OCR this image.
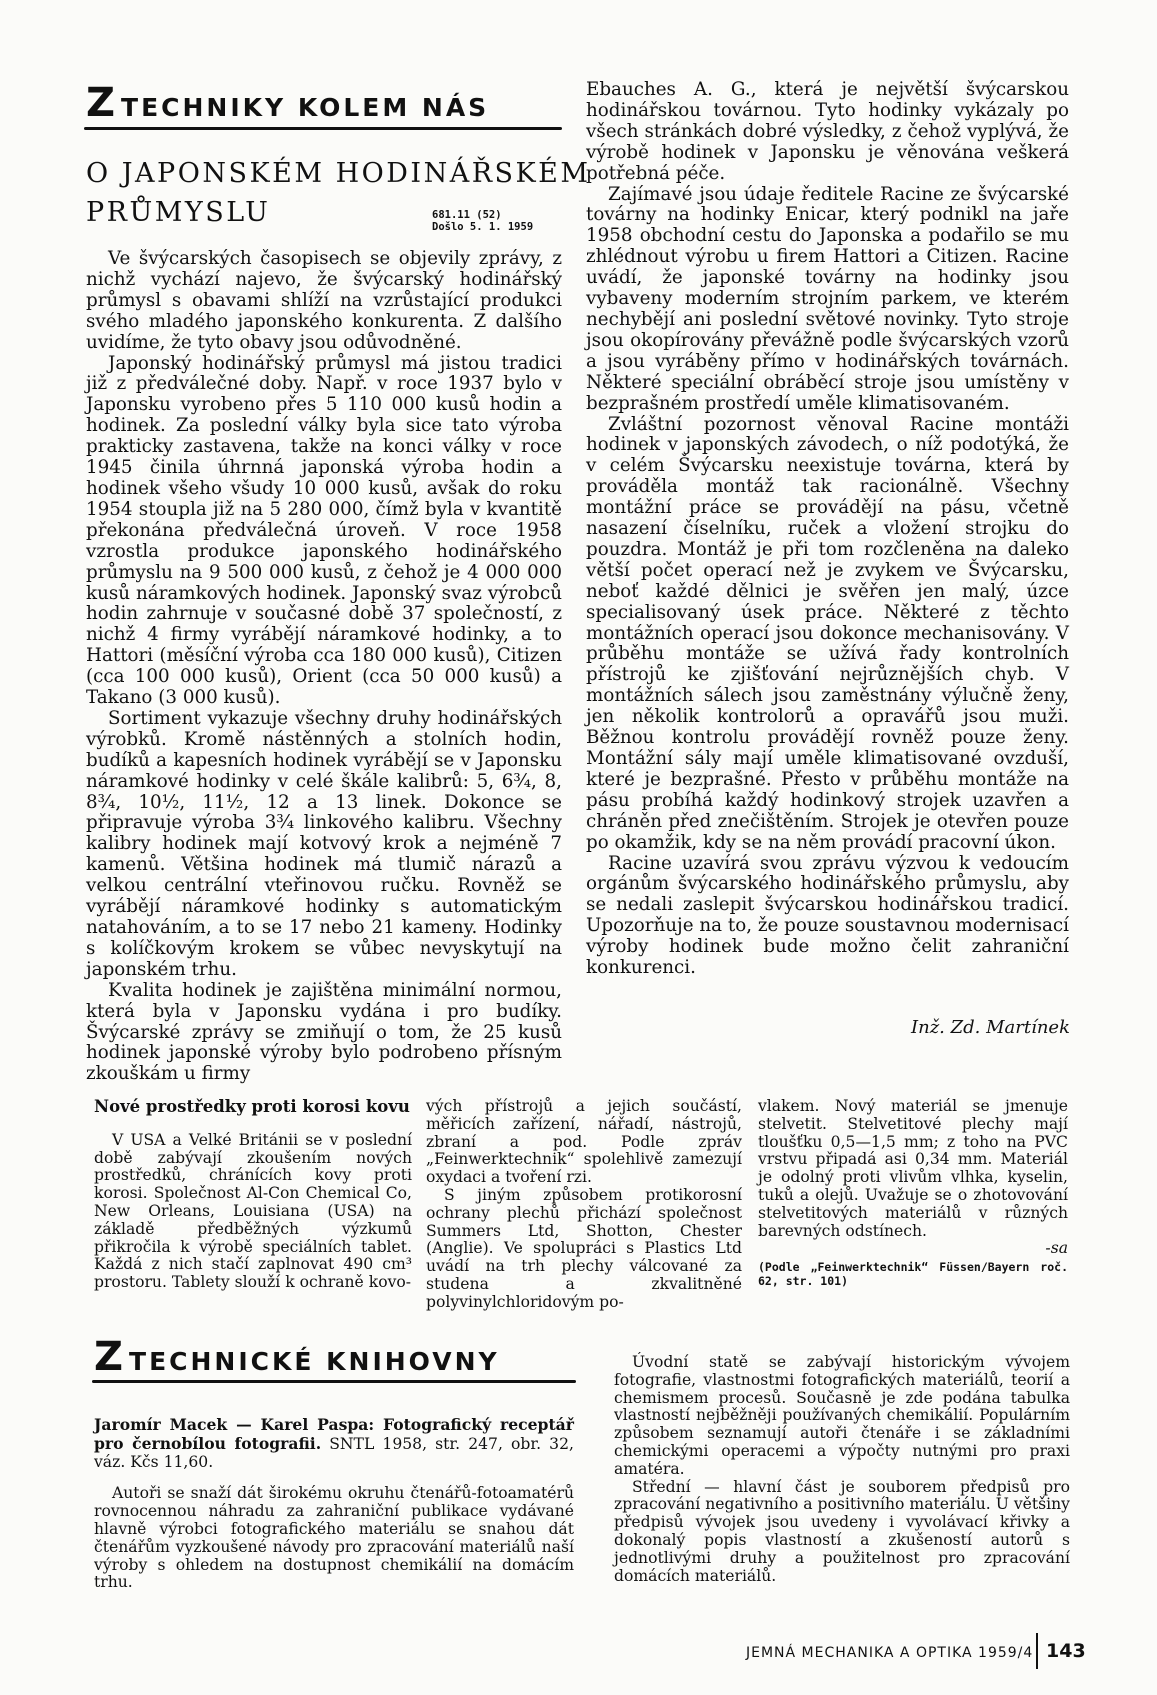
ZTECHNIKY KOLEM NÁS
O JAPONSKÉM HODINÁŘSKÉM
PRŮMYSLU	681.11 (52)
Došlo 5. 1. 1959

Ve švýcarských časopisech se objevily zprávy, z nichž vychází najevo, že švýcarský hodinářský průmysl s obavami shlíží na vzrůstající produkci svého mladého japonského konkurenta. Z dalšího uvidíme, že tyto obavy jsou odůvodněné.

Japonský hodinářský průmysl má jistou tradici již z předválečné doby. Např. v roce 1937 bylo v Japonsku vyrobeno přes 5 110 000 kusů hodin a hodinek. Za poslední války byla sice tato výroba prakticky zastavena, takže na konci války v roce 1945 činila úhrnná japonská výroba hodin a hodinek všeho všudy 10 000 kusů, avšak do roku 1954 stoupla již na 5 280 000, čímž byla v kvantitě překonána předválečná úroveň. V roce 1958 vzrostla produkce japonského hodinářského průmyslu na 9 500 000 kusů, z čehož je 4 000 000 kusů náramkových hodinek. Japonský svaz výrobců hodin zahrnuje v současné době 37 společností, z nichž 4 firmy vyrábějí náramkové hodinky, a to Hattori (měsíční výroba cca 180 000 kusů), Citizen (cca 100 000 kusů), Orient (cca 50 000 kusů) a Takano (3 000 kusů).

Sortiment vykazuje všechny druhy hodinářských výrobků. Kromě nástěnných a stolních hodin, budíků a kapesních hodinek vyrábějí se v Japonsku náramkové hodinky v celé škále kalibrů: 5, 6¾, 8, 8¾, 10½, 11½, 12 a 13 linek. Dokonce se připravuje výroba 3¾ linkového kalibru. Všechny kalibry hodinek mají kotvový krok a nejméně 7 kamenů. Většina hodinek má tlumič nárazů a velkou centrální vteřinovou ručku. Rovněž se vyrábějí náramkové hodinky s automatickým natahováním, a to se 17 nebo 21 kameny. Hodinky s kolíčkovým krokem se vůbec nevyskytují na japonském trhu.

Kvalita hodinek je zajištěna minimální normou, která byla v Japonsku vydána i pro budíky. Švýcarské zprávy se zmiňují o tom, že 25 kusů hodinek japonské výroby bylo podrobeno přísným zkouškám u firmy

Ebauches A. G., která je největší švýcarskou hodinářskou továrnou. Tyto hodinky vykázaly po všech stránkách dobré výsledky, z čehož vyplývá, že výrobě hodinek v Japonsku je věnována veškerá potřebná péče.

Zajímavé jsou údaje ředitele Racine ze švýcarské továrny na hodinky Enicar, který podnikl na jaře 1958 obchodní cestu do Japonska a podařilo se mu zhlédnout výrobu u firem Hattori a Citizen. Racine uvádí, že japonské továrny na hodinky jsou vybaveny moderním strojním parkem, ve kterém nechybějí ani poslední světové novinky. Tyto stroje jsou okopírovány převážně podle švýcarských vzorů a jsou vyráběny přímo v hodinářských továrnách. Některé speciální obráběcí stroje jsou umístěny v bezprašném prostředí uměle klimatisovaném.

Zvláštní pozornost věnoval Racine montáži hodinek v japonských závodech, o níž podotýká, že v celém Švýcarsku neexistuje továrna, která by prováděla montáž tak racionálně. Všechny montážní práce se provádějí na pásu, včetně nasazení číselníku, ruček a vložení strojku do pouzdra. Montáž je při tom rozčleněna na daleko větší počet operací než je zvykem ve Švýcarsku, neboť každé dělnici je svěřen jen malý, úzce specialisovaný úsek práce. Některé z těchto montážních operací jsou dokonce mechanisovány. V průběhu montáže se užívá řady kontrolních přístrojů ke zjišťování nejrůznějších chyb. V montážních sálech jsou zaměstnány výlučně ženy, jen několik kontrolorů a opravářů jsou muži. Běžnou kontrolu provádějí rovněž pouze ženy. Montážní sály mají uměle klimatisované ovzduší, které je bezprašné. Přesto v průběhu montáže na pásu probíhá každý hodinkový strojek uzavřen a chráněn před znečištěním. Strojek je otevřen pouze po okamžik, kdy se na něm provádí pracovní úkon.

Racine uzavírá svou zprávu výzvou k vedoucím orgánům švýcarského hodinářského průmyslu, aby se nedali zaslepit švýcarskou hodinářskou tradicí. Upozorňuje na to, že pouze soustavnou modernisací výroby hodinek bude možno čelit zahraniční konkurenci.

Inž. Zd. Martínek
Nové prostředky proti korosi kovu

V USA a Velké Británii se v poslední době zabývají zkoušením nových prostředků, chránících kovy proti korosi. Společnost Al-Con Chemical Co, New Orleans, Louisiana (USA) na základě předběžných výzkumů přikročila k výrobě speciálních tablet. Každá z nich stačí zaplnovat 490 cm³ prostoru. Tablety slouží k ochraně kovo-

vých přístrojů a jejich součástí, měřicích zařízení, nářadí, nástrojů, zbraní a pod. Podle zpráv „Feinwerktechnik“ spolehlivě zamezují oxydaci a tvoření rzi.

S jiným způsobem protikorosní ochrany plechů přichází společnost Summers Ltd, Shotton, Chester (Anglie). Ve spolupráci s Plastics Ltd uvádí na trh plechy válcované za studena a zkvalitněné polyvinylchloridovým po-

vlakem. Nový materiál se jmenuje stelvetit. Stelvetitové plechy mají tloušťku 0,5—1,5 mm; z toho na PVC vrstvu připadá asi 0,34 mm. Materiál je odolný proti vlivům vlhka, kyselin, tuků a olejů. Uvažuje se o zhotovování stelvetitových materiálů v různých barevných odstínech.

-sa
(Podle „Feinwerktechnik“ Füssen/Bayern roč. 62, str. 101)
ZTECHNICKÉ KNIHOVNY

Jaromír Macek — Karel Paspa: Fotografický receptář pro černobílou fotografii. SNTL 1958, str. 247, obr. 32, váz. Kčs 11,60.

Autoři se snaží dát širokému okruhu čtenářů-fotoamatérů rovnocennou náhradu za zahraniční publikace vydávané hlavně výrobci fotografického materiálu se snahou dát čtenářům vyzkoušené návody pro zpracování materiálů naší výroby s ohledem na dostupnost chemikálií na domácím trhu.

Úvodní statě se zabývají historickým vývojem fotografie, vlastnostmi fotografických materiálů, teorií a chemismem procesů. Současně je zde podána tabulka vlastností nejběžněji používaných chemikálií. Populárním způsobem seznamují autoři čtenáře i se základními chemickými operacemi a výpočty nutnými pro praxi amatéra.

Střední — hlavní část je souborem předpisů pro zpracování negativního a positivního materiálu. U většiny předpisů vývojek jsou uvedeny i vyvolávací křivky a dokonalý popis vlastností a zkušeností autorů s jednotlivými druhy a použitelnost pro zpracování domácích materiálů.

JEMNÁ MECHANIKA A OPTIKA 1959/4 143
